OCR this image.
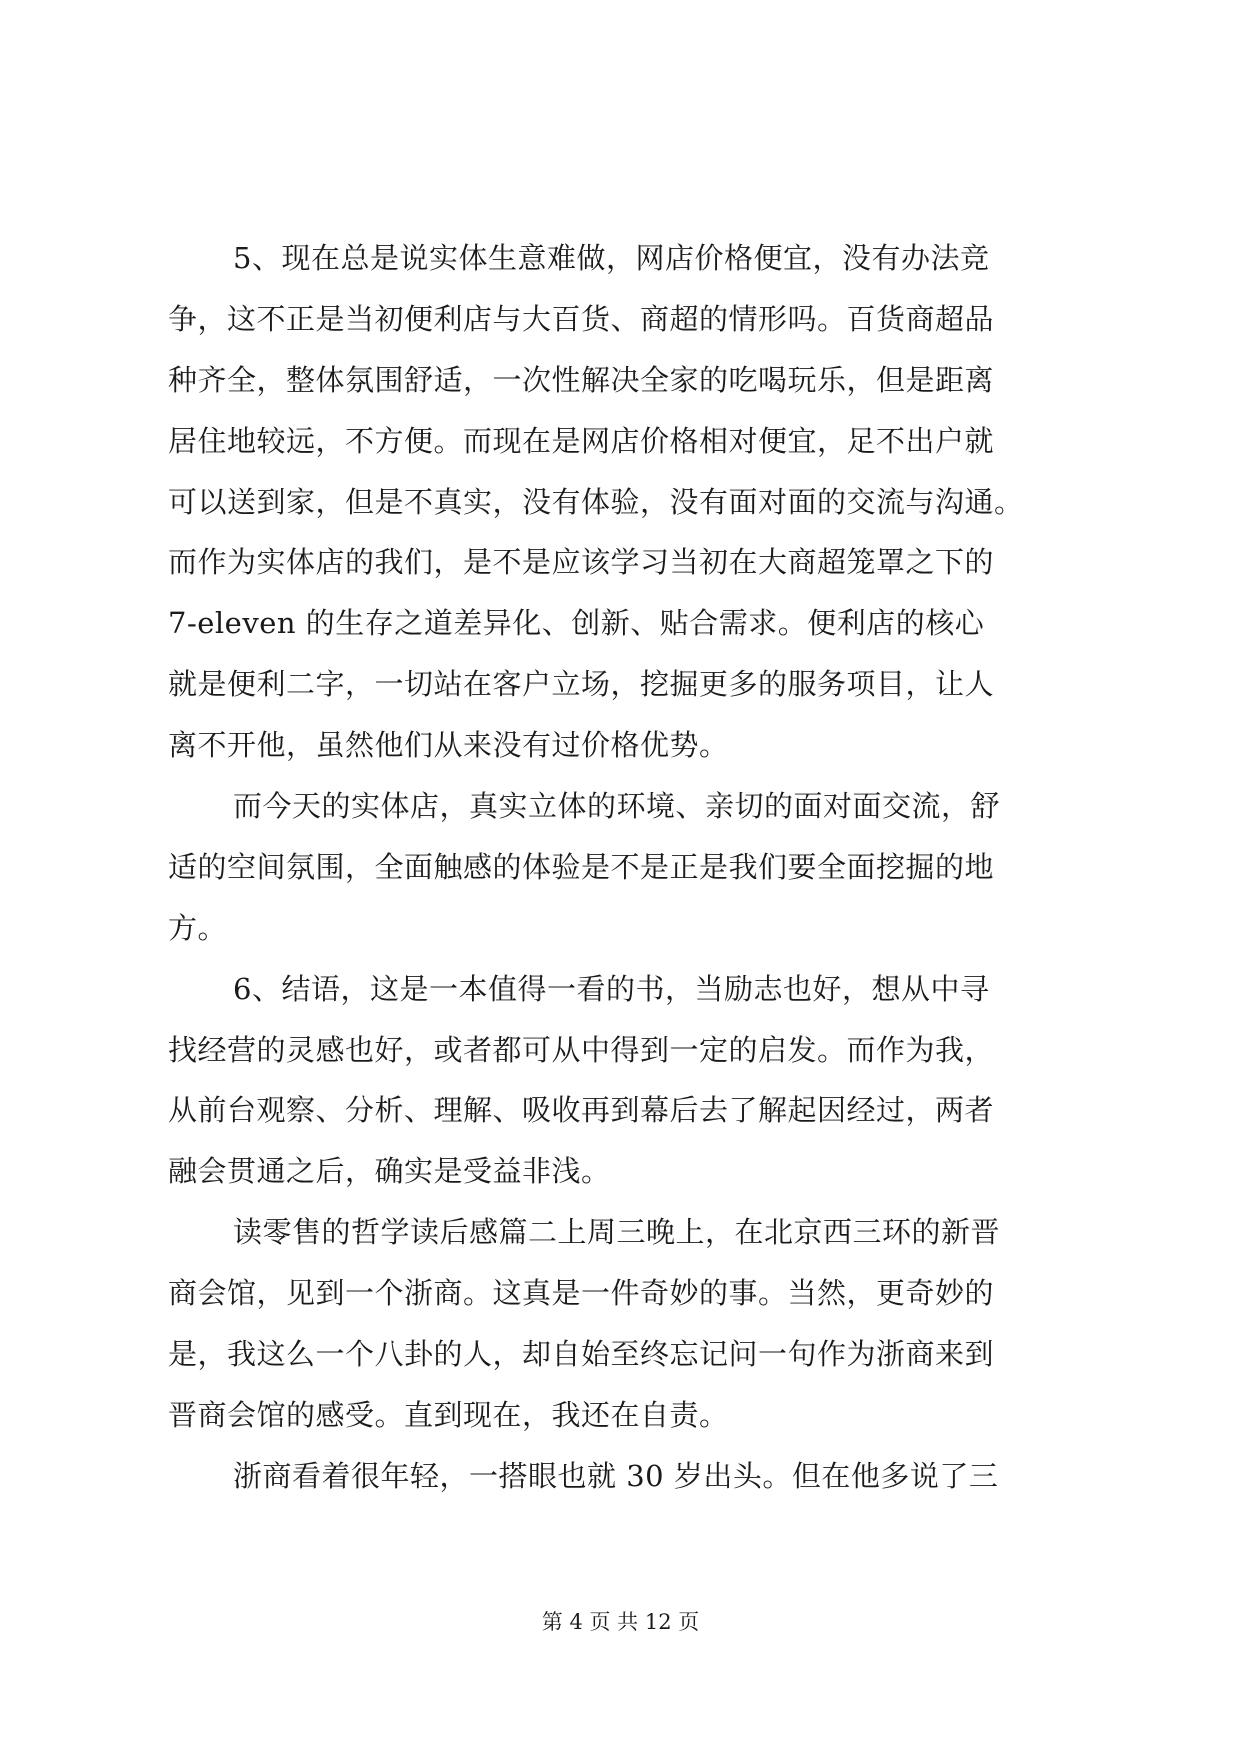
5、现在总是说实体生意难做，网店价格便宜，没有办法竞
争，这不正是当初便利店与大百货、商超的情形吗。百货商超品
种齐全，整体氛围舒适，一次性解决全家的吃喝玩乐，但是距离
居住地较远，不方便。而现在是网店价格相对便宜，足不出户就
可以送到家，但是不真实，没有体验，没有面对面的交流与沟通。
而作为实体店的我们，是不是应该学习当初在大商超笼罩之下的
7-eleven 的生存之道差异化、创新、贴合需求。便利店的核心
就是便利二字，一切站在客户立场，挖掘更多的服务项目，让人
离不开他，虽然他们从来没有过价格优势。
而今天的实体店，真实立体的环境、亲切的面对面交流，舒
适的空间氛围，全面触感的体验是不是正是我们要全面挖掘的地
方。
6、结语，这是一本值得一看的书，当励志也好，想从中寻
找经营的灵感也好，或者都可从中得到一定的启发。而作为我，
从前台观察、分析、理解、吸收再到幕后去了解起因经过，两者
融会贯通之后，确实是受益非浅。
读零售的哲学读后感篇二上周三晚上，在北京西三环的新晋
商会馆，见到一个浙商。这真是一件奇妙的事。当然，更奇妙的
是，我这么一个八卦的人，却自始至终忘记问一句作为浙商来到
晋商会馆的感受。直到现在，我还在自责。
浙商看着很年轻，一搭眼也就 30 岁出头。但在他多说了三
第 4 页 共 12 页
